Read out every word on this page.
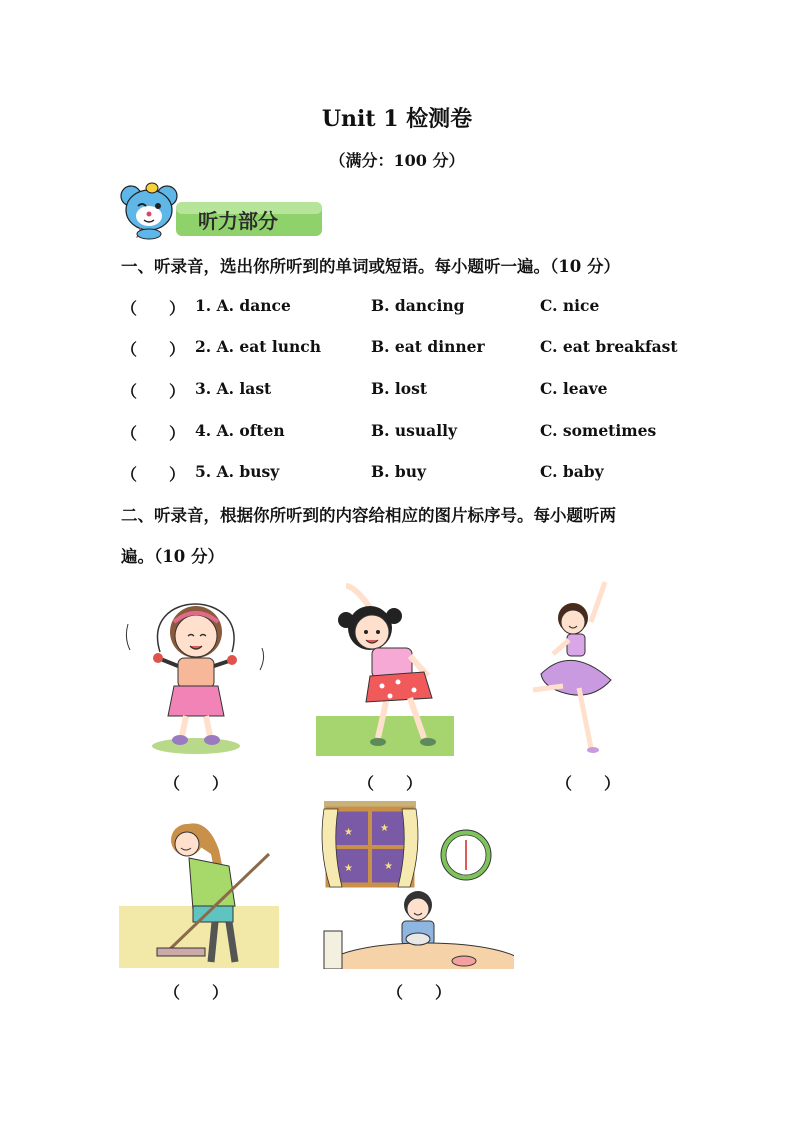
Unit 1 检测卷
（满分：100 分）
听力部分
一、听录音，选出你所听到的单词或短语。每小题听一遍。（10 分）
（　　） 1. A. dance	B. dancing	C. nice
（　　） 2. A. eat lunch	B. eat dinner	C. eat breakfast
（　　） 3. A. last	B. lost	C. leave
（　　） 4. A. often	B. usually	C. sometimes
（　　） 5. A. busy	B. buy	C. baby
二、听录音，根据你所听到的内容给相应的图片标序号。每小题听两
遍。（10 分）
（　　）	（　　）	（　　）
（　　）
★	★
★	★
（　　）
